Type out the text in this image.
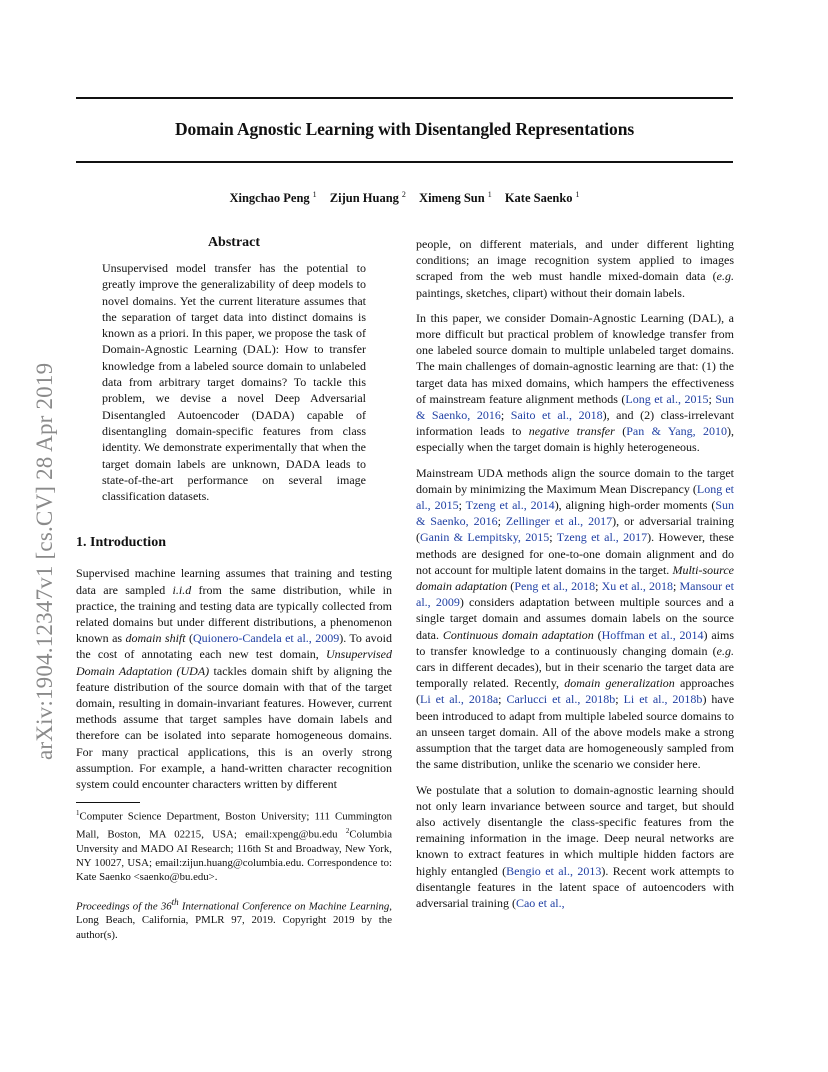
arXiv:1904.12347v1 [cs.CV] 28 Apr 2019
Domain Agnostic Learning with Disentangled Representations
Xingchao Peng $^1$ Zijun Huang $^2$ Ximeng Sun $^1$ Kate Saenko $^1$
Abstract
Unsupervised model transfer has the potential to greatly improve the generalizability of deep models to novel domains. Yet the current literature assumes that the separation of target data into distinct domains is known as a priori. In this paper, we propose the task of Domain-Agnostic Learning (DAL): How to transfer knowledge from a labeled source domain to unlabeled data from arbitrary target domains? To tackle this problem, we devise a novel Deep Adversarial Disentangled Autoencoder (DADA) capable of disentangling domain-specific features from class identity. We demonstrate experimentally that when the target domain labels are unknown, DADA leads to state-of-the-art performance on several image classification datasets.
1. Introduction

Supervised machine learning assumes that training and testing data are sampled i.i.d from the same distribution, while in practice, the training and testing data are typically collected from related domains but under different distributions, a phenomenon known as domain shift (Quionero-Candela et al., 2009). To avoid the cost of annotating each new test domain, Unsupervised Domain Adaptation (UDA) tackles domain shift by aligning the feature distribution of the source domain with that of the target domain, resulting in domain-invariant features. However, current methods assume that target samples have domain labels and therefore can be isolated into separate homogeneous domains. For many practical applications, this is an overly strong assumption. For example, a hand-written character recognition system could encounter characters written by different

$^1$Computer Science Department, Boston University; 111 Cummington Mall, Boston, MA 02215, USA; email:xpeng@bu.edu $^2$Columbia Unversity and MADO AI Research; 116th St and Broadway, New York, NY 10027, USA; email:zijun.huang@columbia.edu. Correspondence to: Kate Saenko <saenko@bu.edu>.
Proceedings of the 36th International Conference on Machine Learning, Long Beach, California, PMLR 97, 2019. Copyright 2019 by the author(s).

people, on different materials, and under different lighting conditions; an image recognition system applied to images scraped from the web must handle mixed-domain data (e.g. paintings, sketches, clipart) without their domain labels.

In this paper, we consider Domain-Agnostic Learning (DAL), a more difficult but practical problem of knowledge transfer from one labeled source domain to multiple unlabeled target domains. The main challenges of domain-agnostic learning are that: (1) the target data has mixed domains, which hampers the effectiveness of mainstream feature alignment methods (Long et al., 2015; Sun & Saenko, 2016; Saito et al., 2018), and (2) class-irrelevant information leads to negative transfer (Pan & Yang, 2010), especially when the target domain is highly heterogeneous.

Mainstream UDA methods align the source domain to the target domain by minimizing the Maximum Mean Discrepancy (Long et al., 2015; Tzeng et al., 2014), aligning high-order moments (Sun & Saenko, 2016; Zellinger et al., 2017), or adversarial training (Ganin & Lempitsky, 2015; Tzeng et al., 2017). However, these methods are designed for one-to-one domain alignment and do not account for multiple latent domains in the target. Multi-source domain adaptation (Peng et al., 2018; Xu et al., 2018; Mansour et al., 2009) considers adaptation between multiple sources and a single target domain and assumes domain labels on the source data. Continuous domain adaptation (Hoffman et al., 2014) aims to transfer knowledge to a continuously changing domain (e.g. cars in different decades), but in their scenario the target data are temporally related. Recently, domain generalization approaches (Li et al., 2018a; Carlucci et al., 2018b; Li et al., 2018b) have been introduced to adapt from multiple labeled source domains to an unseen target domain. All of the above models make a strong assumption that the target data are homogeneously sampled from the same distribution, unlike the scenario we consider here.

We postulate that a solution to domain-agnostic learning should not only learn invariance between source and target, but should also actively disentangle the class-specific features from the remaining information in the image. Deep neural networks are known to extract features in which multiple hidden factors are highly entangled (Bengio et al., 2013). Recent work attempts to disentangle features in the latent space of autoencoders with adversarial training (Cao et al.,
